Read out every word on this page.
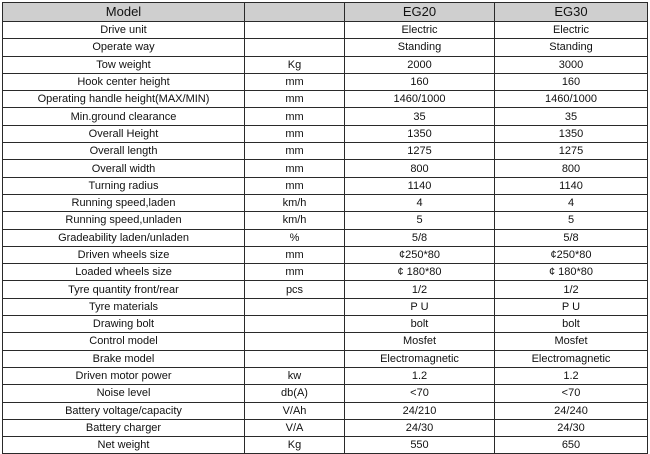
Model		EG20	EG30
Drive unit		Electric	Electric
Operate way		Standing	Standing
Tow weight	Kg	2000	3000
Hook center height	mm	160	160
Operating handle height(MAX/MIN)	mm	1460/1000	1460/1000
Min.ground clearance	mm	35	35
Overall Height	mm	1350	1350
Overall length	mm	1275	1275
Overall width	mm	800	800
Turning radius	mm	1140	1140
Running speed,laden	km/h	4	4
Running speed,unladen	km/h	5	5
Gradeability laden/unladen	%	5/8	5/8
Driven wheels size	mm	¢250*80	¢250*80
Loaded wheels size	mm	¢ 180*80	¢ 180*80
Tyre quantity front/rear	pcs	1/2	1/2
Tyre materials		P U	P U
Drawing bolt		bolt	bolt
Control model		Mosfet	Mosfet
Brake model		Electromagnetic	Electromagnetic
Driven motor power	kw	1.2	1.2
Noise level	db(A)	<70	<70
Battery voltage/capacity	V/Ah	24/210	24/240
Battery charger	V/A	24/30	24/30
Net weight	Kg	550	650
